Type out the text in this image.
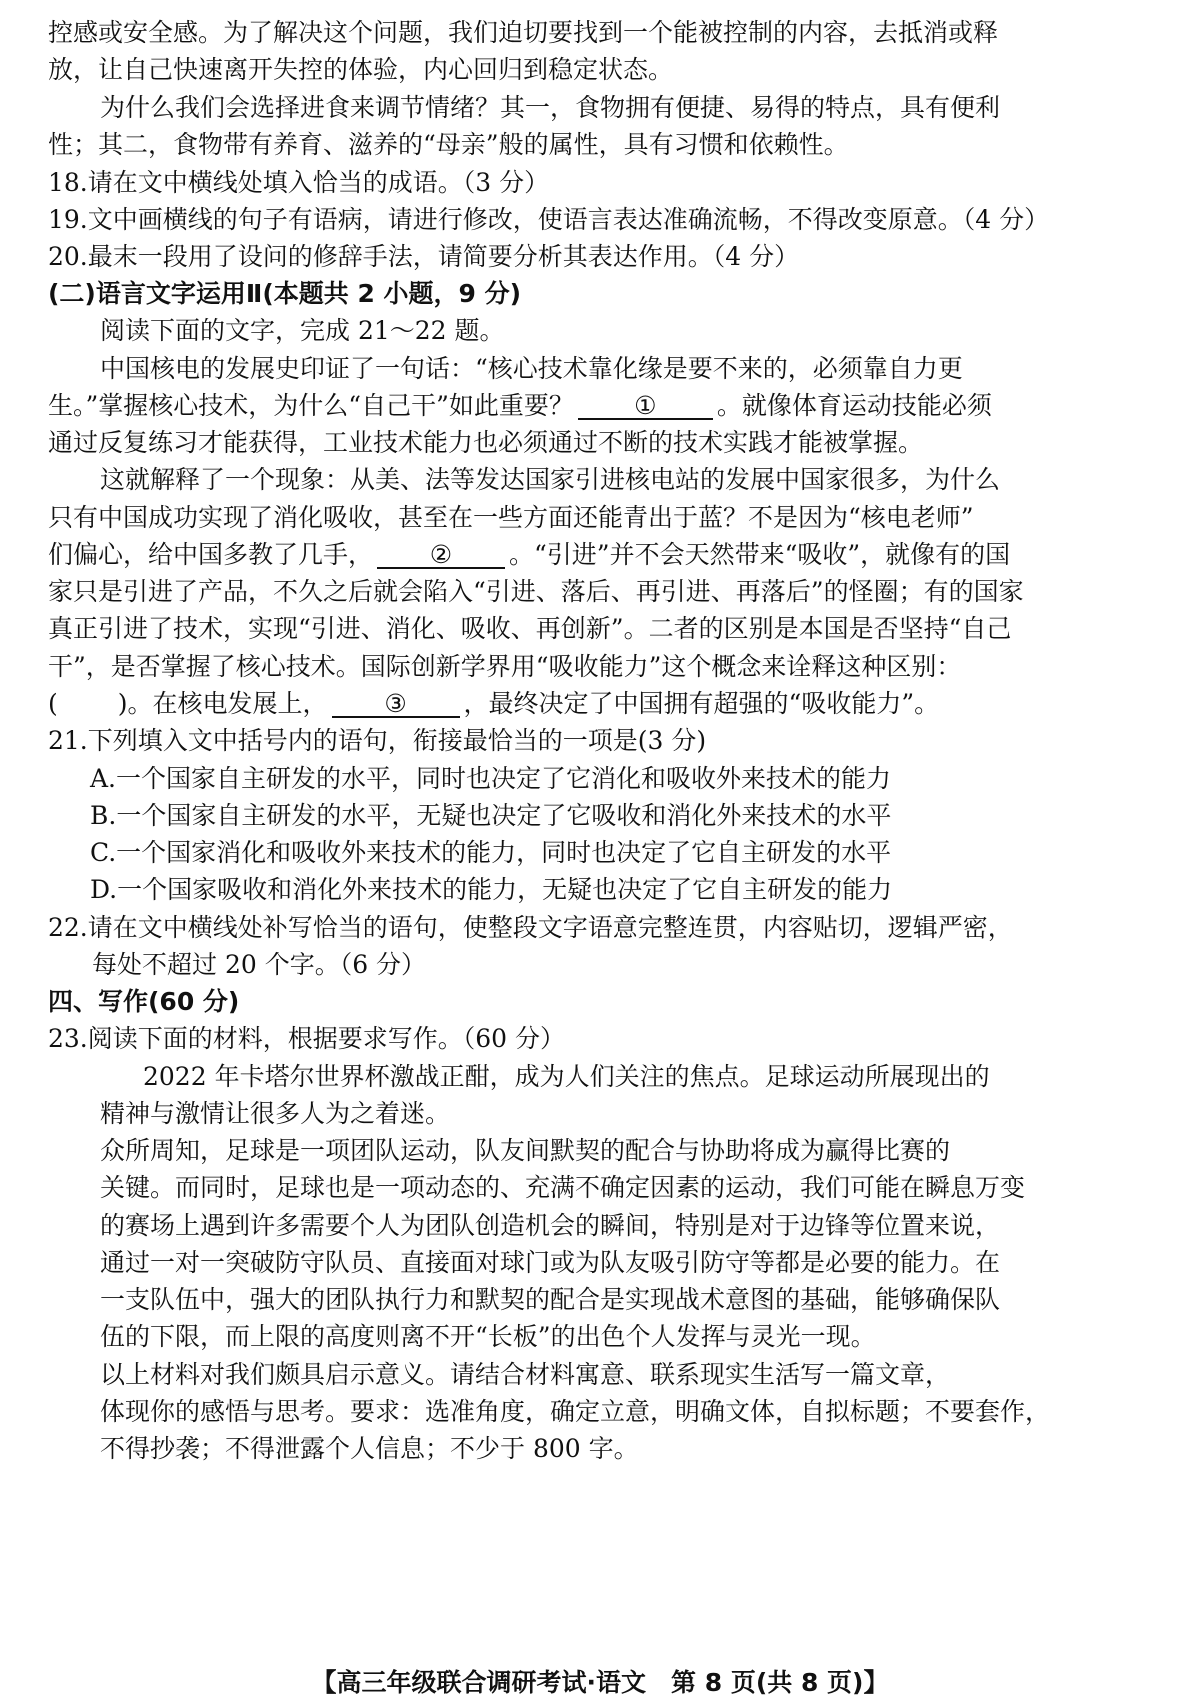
控感或安全感。为了解决这个问题，我们迫切要找到一个能被控制的内容，去抵消或释
放，让自己快速离开失控的体验，内心回归到稳定状态。
为什么我们会选择进食来调节情绪？其一，食物拥有便捷、易得的特点，具有便利
性；其二，食物带有养育、滋养的“母亲”般的属性，具有习惯和依赖性。
18.请在文中横线处填入恰当的成语。（3 分）
19.文中画横线的句子有语病，请进行修改，使语言表达准确流畅，不得改变原意。（4 分）
20.最末一段用了设问的修辞手法，请简要分析其表达作用。（4 分）
(二)语言文字运用Ⅱ(本题共 2 小题，9 分)
阅读下面的文字，完成 21～22 题。
中国核电的发展史印证了一句话：“核心技术靠化缘是要不来的，必须靠自力更
生。”掌握核心技术，为什么“自己干”如此重要？ ① 。就像体育运动技能必须
通过反复练习才能获得，工业技术能力也必须通过不断的技术实践才能被掌握。
这就解释了一个现象：从美、法等发达国家引进核电站的发展中国家很多，为什么
只有中国成功实现了消化吸收，甚至在一些方面还能青出于蓝？不是因为“核电老师”
们偏心，给中国多教了几手， ② 。“引进”并不会天然带来“吸收”，就像有的国
家只是引进了产品，不久之后就会陷入“引进、落后、再引进、再落后”的怪圈；有的国家
真正引进了技术，实现“引进、消化、吸收、再创新”。二者的区别是本国是否坚持“自己
干”，是否掌握了核心技术。国际创新学界用“吸收能力”这个概念来诠释这种区别：
( )。在核电发展上， ③ ，最终决定了中国拥有超强的“吸收能力”。
21.下列填入文中括号内的语句，衔接最恰当的一项是(3 分)
A.一个国家自主研发的水平，同时也决定了它消化和吸收外来技术的能力
B.一个国家自主研发的水平，无疑也决定了它吸收和消化外来技术的水平
C.一个国家消化和吸收外来技术的能力，同时也决定了它自主研发的水平
D.一个国家吸收和消化外来技术的能力，无疑也决定了它自主研发的能力
22.请在文中横线处补写恰当的语句，使整段文字语意完整连贯，内容贴切，逻辑严密，
每处不超过 20 个字。（6 分）
四、写作(60 分)
23.阅读下面的材料，根据要求写作。（60 分）
2022 年卡塔尔世界杯激战正酣，成为人们关注的焦点。足球运动所展现出的
精神与激情让很多人为之着迷。
众所周知，足球是一项团队运动，队友间默契的配合与协助将成为赢得比赛的
关键。而同时，足球也是一项动态的、充满不确定因素的运动，我们可能在瞬息万变
的赛场上遇到许多需要个人为团队创造机会的瞬间，特别是对于边锋等位置来说，
通过一对一突破防守队员、直接面对球门或为队友吸引防守等都是必要的能力。在
一支队伍中，强大的团队执行力和默契的配合是实现战术意图的基础，能够确保队
伍的下限，而上限的高度则离不开“长板”的出色个人发挥与灵光一现。
以上材料对我们颇具启示意义。请结合材料寓意、联系现实生活写一篇文章，
体现你的感悟与思考。要求：选准角度，确定立意，明确文体，自拟标题；不要套作，
不得抄袭；不得泄露个人信息；不少于 800 字。
【高三年级联合调研考试·语文　第 8 页(共 8 页)】
